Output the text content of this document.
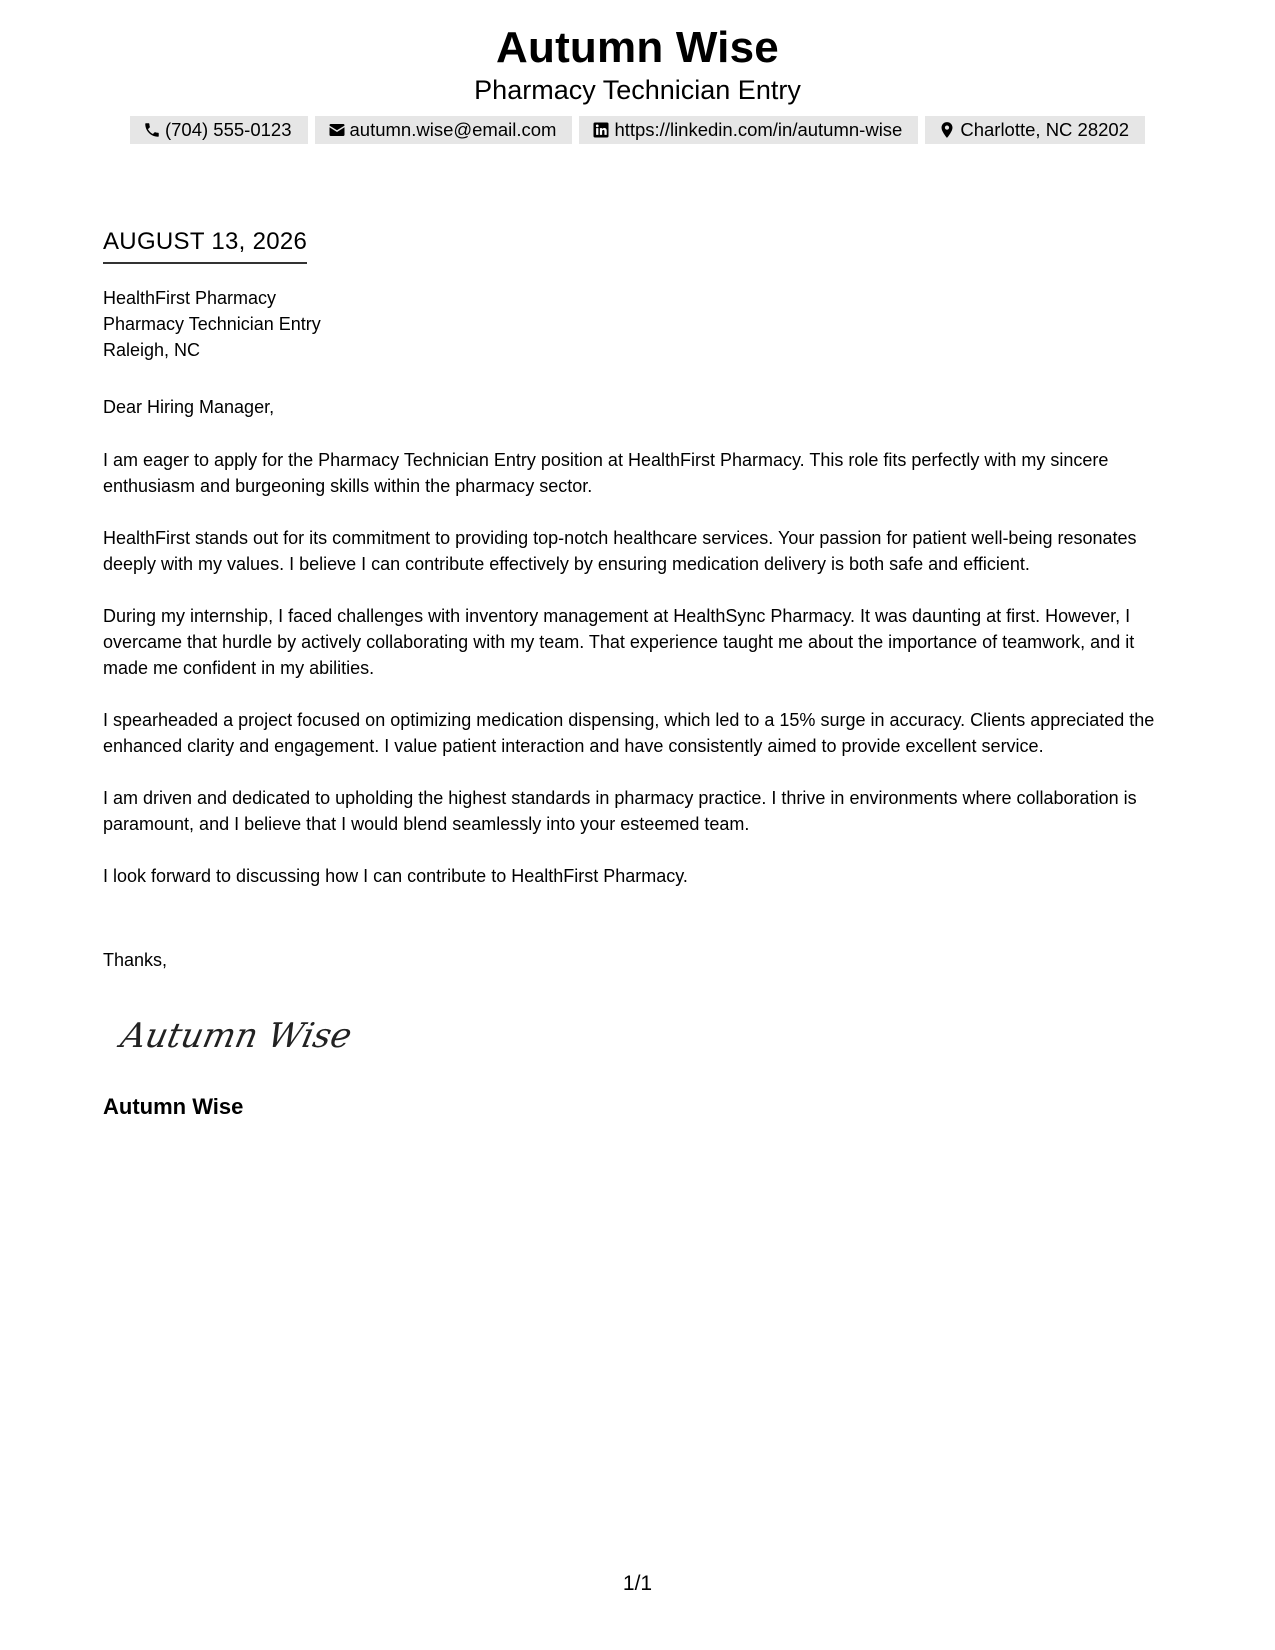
Autumn Wise
Pharmacy Technician Entry
(704) 555-0123	autumn.wise@email.com	https://linkedin.com/in/autumn-wise	Charlotte, NC 28202
AUGUST 13, 2026
HealthFirst Pharmacy
Pharmacy Technician Entry
Raleigh, NC
Dear Hiring Manager,

I am eager to apply for the Pharmacy Technician Entry position at HealthFirst Pharmacy. This role fits perfectly with my sincere enthusiasm and burgeoning skills within the pharmacy sector.

HealthFirst stands out for its commitment to providing top-notch healthcare services. Your passion for patient well-being resonates deeply with my values. I believe I can contribute effectively by ensuring medication delivery is both safe and efficient.

During my internship, I faced challenges with inventory management at HealthSync Pharmacy. It was daunting at first. However, I overcame that hurdle by actively collaborating with my team. That experience taught me about the importance of teamwork, and it made me confident in my abilities.

I spearheaded a project focused on optimizing medication dispensing, which led to a 15% surge in accuracy. Clients appreciated the enhanced clarity and engagement. I value patient interaction and have consistently aimed to provide excellent service.

I am driven and dedicated to upholding the highest standards in pharmacy practice. I thrive in environments where collaboration is paramount, and I believe that I would blend seamlessly into your esteemed team.

I look forward to discussing how I can contribute to HealthFirst Pharmacy.

Thanks,
Autumn Wise
Autumn Wise
1/1
